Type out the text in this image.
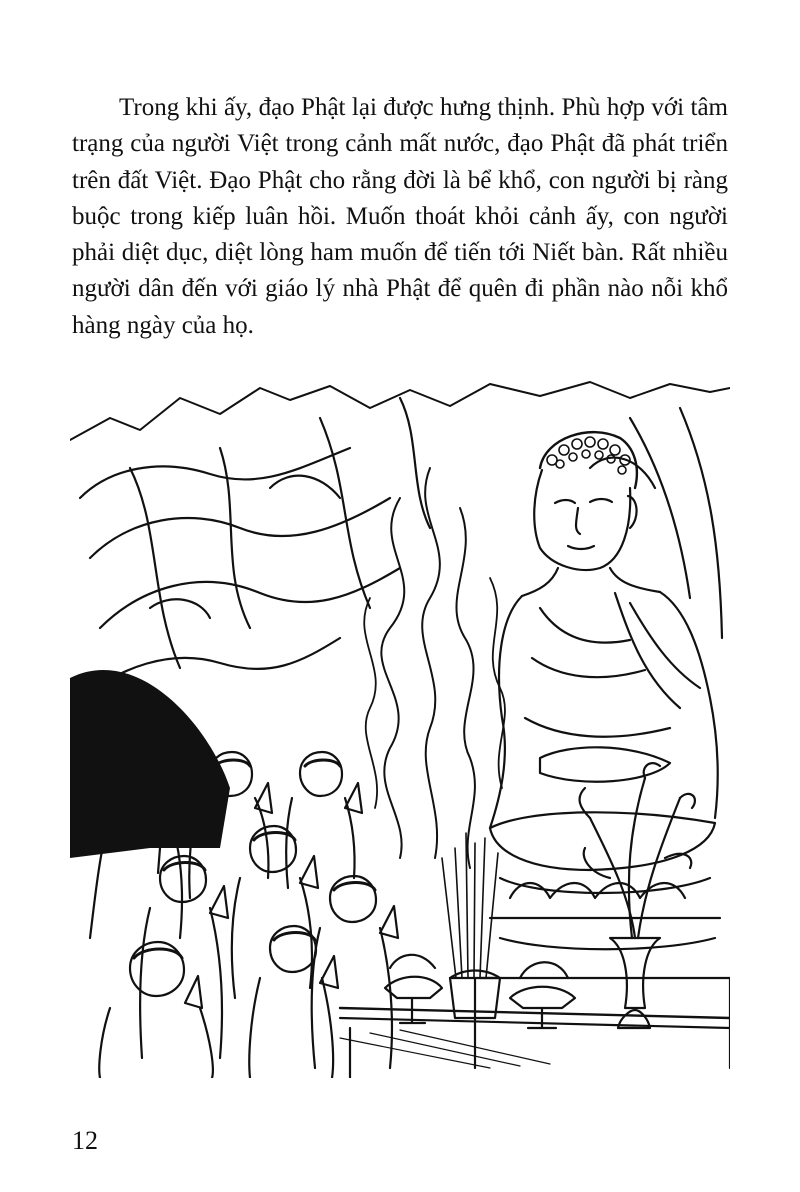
Trong khi ấy, đạo Phật lại được hưng thịnh. Phù hợp với tâm
trạng của người Việt trong cảnh mất nước, đạo Phật đã phát triển
trên đất Việt. Đạo Phật cho rằng đời là bể khổ, con người bị ràng
buộc trong kiếp luân hồi. Muốn thoát khỏi cảnh ấy, con người
phải diệt dục, diệt lòng ham muốn để tiến tới Niết bàn. Rất nhiều
người dân đến với giáo lý nhà Phật để quên đi phần nào nỗi khổ
hàng ngày của họ.

12
